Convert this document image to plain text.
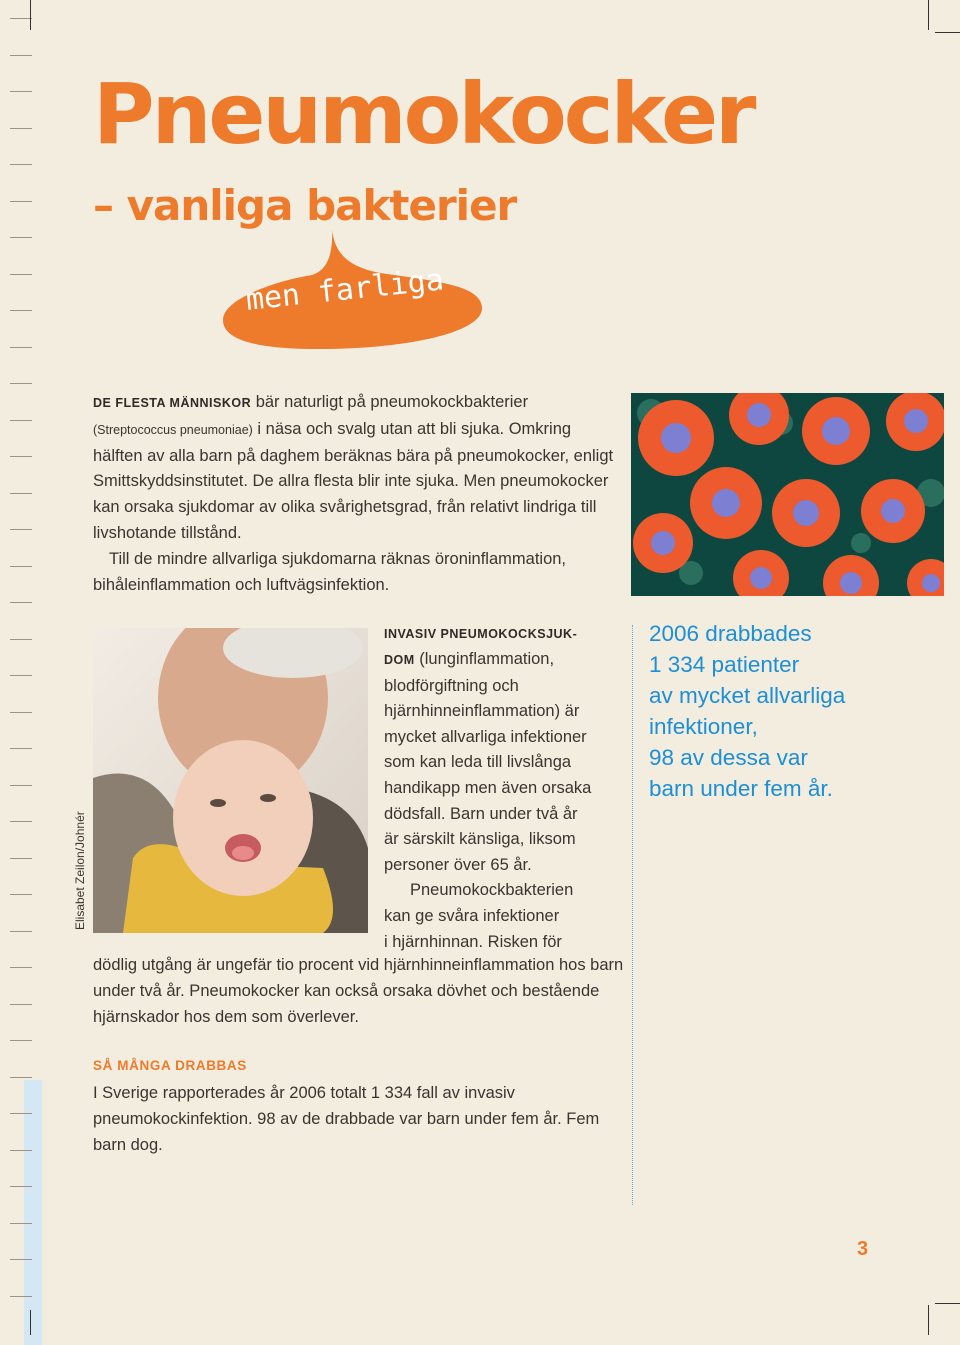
Pneumokocker
– vanliga bakterier
men farliga

DE FLESTA MÄNNISKOR bär naturligt på pneumokockbakterier
(Streptococcus pneumoniae) i näsa och svalg utan att bli sjuka. Omkring hälften av alla barn på daghem beräknas bära på pneumokocker, enligt Smittskyddsinstitutet. De allra flesta blir inte sjuka. Men pneumokocker kan orsaka sjukdomar av olika svårighetsgrad, från relativt lindriga till livshotande tillstånd.
Till de mindre allvarliga sjukdomarna räknas öroninflammation, bihåleinflammation och luftvägsinfektion.

Elisabet Zeilon/Johnér

INVASIV PNEUMOKOCKSJUK-

DOM (lunginflammation,
blodförgiftning och
hjärnhinneinflammation) är
mycket allvarliga infektioner
som kan leda till livslånga
handikapp men även orsaka
dödsfall. Barn under två år
är särskilt känsliga, liksom
personer över 65 år.
Pneumokockbakterien
kan ge svåra infektioner
i hjärnhinnan. Risken för

dödlig utgång är ungefär tio procent vid hjärnhinneinflammation hos barn under två år. Pneumokocker kan också orsaka dövhet och bestående hjärnskador hos dem som överlever.

2006 drabbades
1 334 patienter
av mycket allvarliga
infektioner,
98 av dessa var
barn under fem år.
SÅ MÅNGA DRABBAS

I Sverige rapporterades år 2006 totalt 1 334 fall av invasiv pneumokockinfektion. 98 av de drabbade var barn under fem år. Fem barn dog.

3
